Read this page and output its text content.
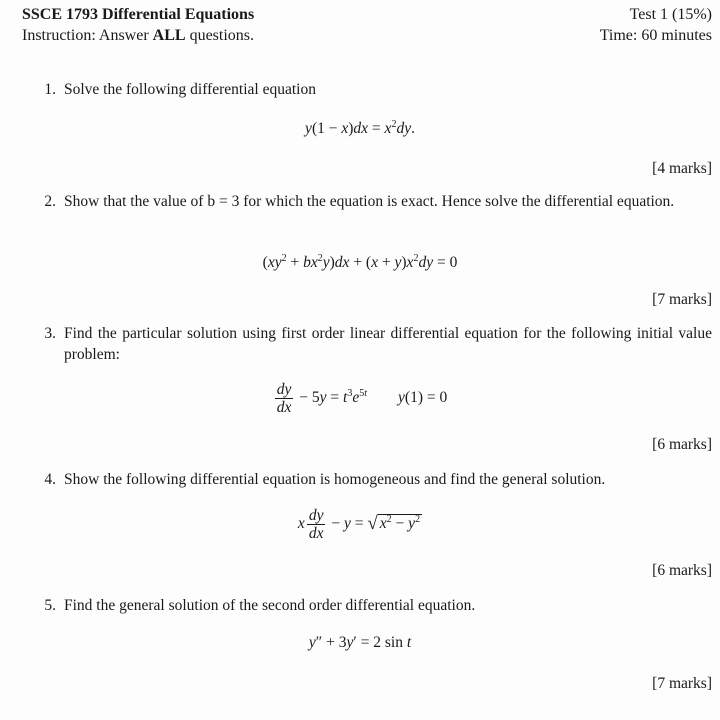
SSCE 1793 Differential Equations	Test 1 (15%)
Instruction: Answer ALL questions.	Time: 60 minutes
1. Solve the following differential equation
$y(1 - x)dx = x^2dy$.
[4 marks]
2. Show that the value of b = 3 for which the equation is exact. Hence solve the differential equation.
$(xy^2 + bx^2y)dx + (x + y)x^2dy = 0$
[7 marks]
3. Find the particular solution using first order linear differential equation for the following initial value problem:
$\frac{dy}{dx} - 5y = t^3e^{5t}$        y(1) = 0
[6 marks]
4. Show the following differential equation is homogeneous and find the general solution.
x $\frac{dy}{dx} - y$ = √ $x^2 - y^2$
[6 marks]
5. Find the general solution of the second order differential equation.
y″ + 3y′ = 2 sin t
[7 marks]
